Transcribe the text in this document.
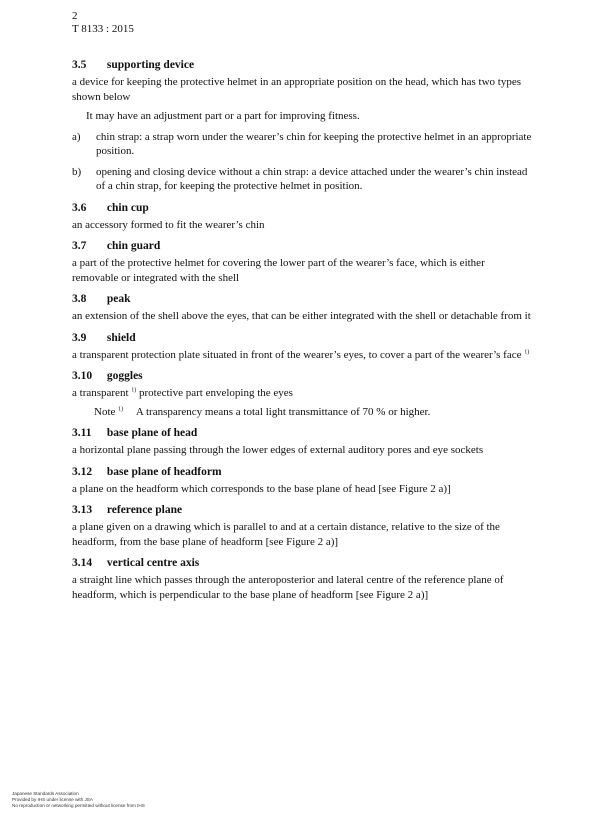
2
T 8133 : 2015
3.5 supporting device

a device for keeping the protective helmet in an appropriate position on the head, which has two types shown below

It may have an adjustment part or a part for improving fitness.

a)	chin strap: a strap worn under the wearer’s chin for keeping the protective helmet in an appropriate position.
b)	opening and closing device without a chin strap: a device attached under the wearer’s chin instead of a chin strap, for keeping the protective helmet in position.
3.6 chin cup

an accessory formed to fit the wearer’s chin

3.7 chin guard

a part of the protective helmet for covering the lower part of the wearer’s face, which is either removable or integrated with the shell

3.8 peak

an extension of the shell above the eyes, that can be either integrated with the shell or detachable from it

3.9 shield

a transparent protection plate situated in front of the wearer’s eyes, to cover a part of the wearer’s face $^{1)}$

3.10 goggles

a transparent $^{1)}$ protective part enveloping the eyes

Note $^{1)}$ A transparency means a total light transmittance of 70 % or higher.
3.11 base plane of head

a horizontal plane passing through the lower edges of external auditory pores and eye sockets

3.12 base plane of headform

a plane on the headform which corresponds to the base plane of head [see Figure 2 a)]

3.13 reference plane

a plane given on a drawing which is parallel to and at a certain distance, relative to the size of the headform, from the base plane of headform [see Figure 2 a)]

3.14 vertical centre axis

a straight line which passes through the anteroposterior and lateral centre of the reference plane of headform, which is perpendicular to the base plane of headform [see Figure 2 a)]

Japanese Standards Association
Provided by IHS under license with JSA
No reproduction or networking permitted without license from IHS
